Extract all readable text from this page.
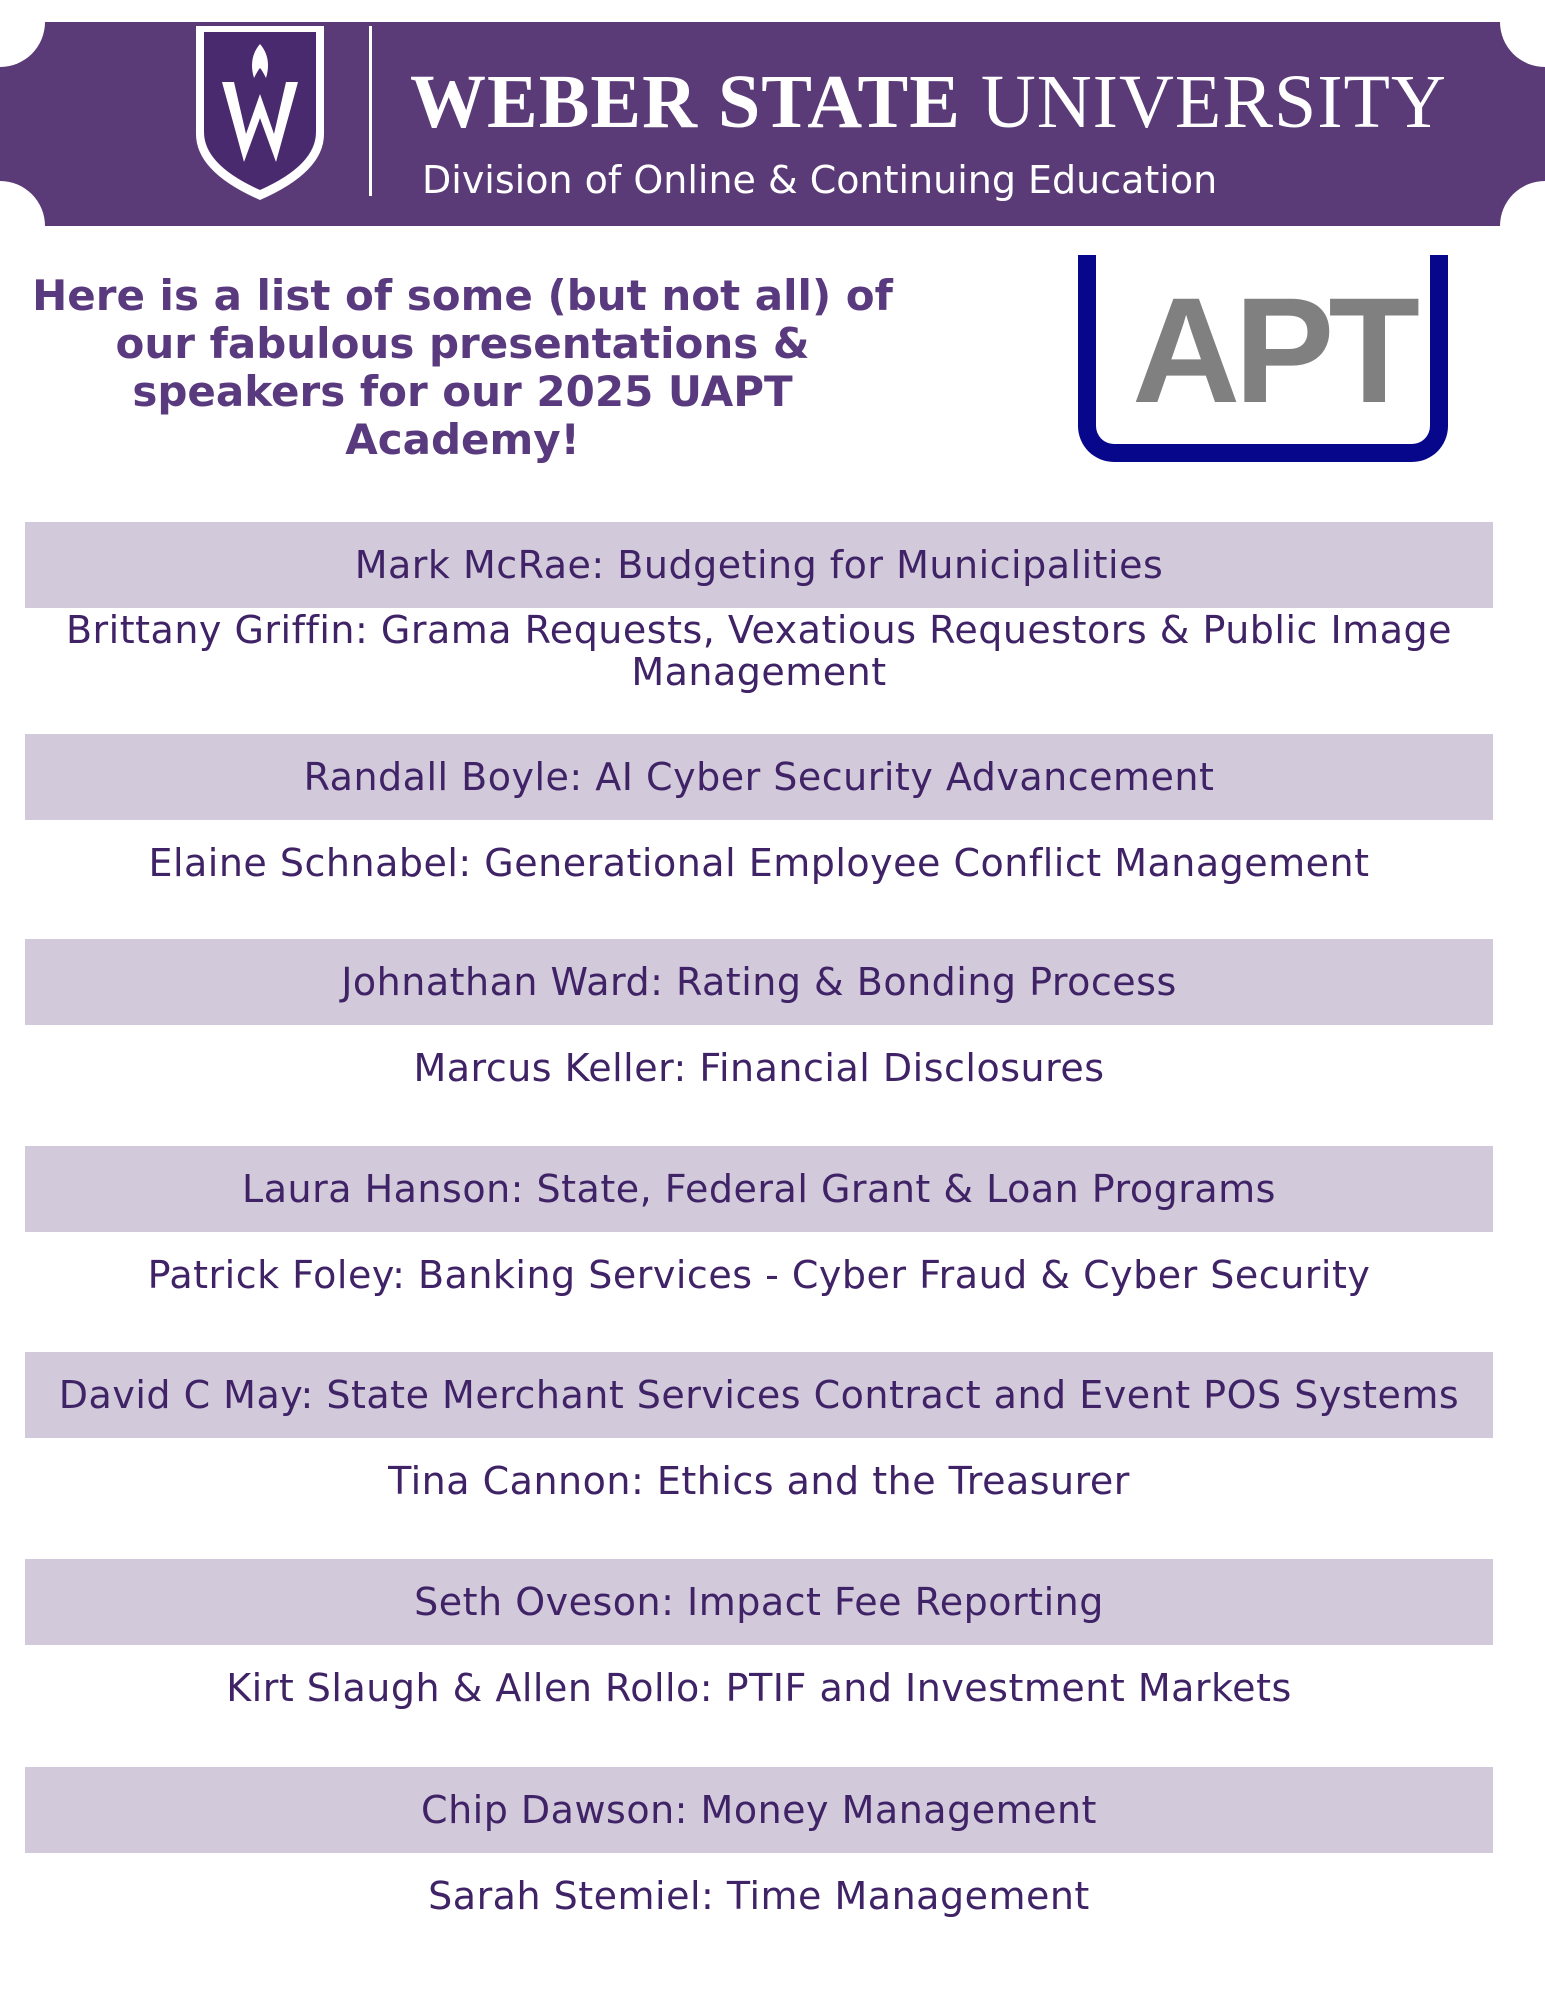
WEBER STATE UNIVERSITY
Division of Online & Continuing Education
Here is a list of some (but not all) of our fabulous presentations & speakers for our 2025 UAPT Academy!
APT
Mark McRae: Budgeting for Municipalities
Brittany Griffin: Grama Requests, Vexatious Requestors & Public Image Management
Randall Boyle: AI Cyber Security Advancement
Elaine Schnabel: Generational Employee Conflict Management
Johnathan Ward: Rating & Bonding Process
Marcus Keller: Financial Disclosures
Laura Hanson: State, Federal Grant & Loan Programs
Patrick Foley: Banking Services - Cyber Fraud & Cyber Security
David C May: State Merchant Services Contract and Event POS Systems
Tina Cannon: Ethics and the Treasurer
Seth Oveson: Impact Fee Reporting
Kirt Slaugh & Allen Rollo: PTIF and Investment Markets
Chip Dawson: Money Management
Sarah Stemiel: Time Management
